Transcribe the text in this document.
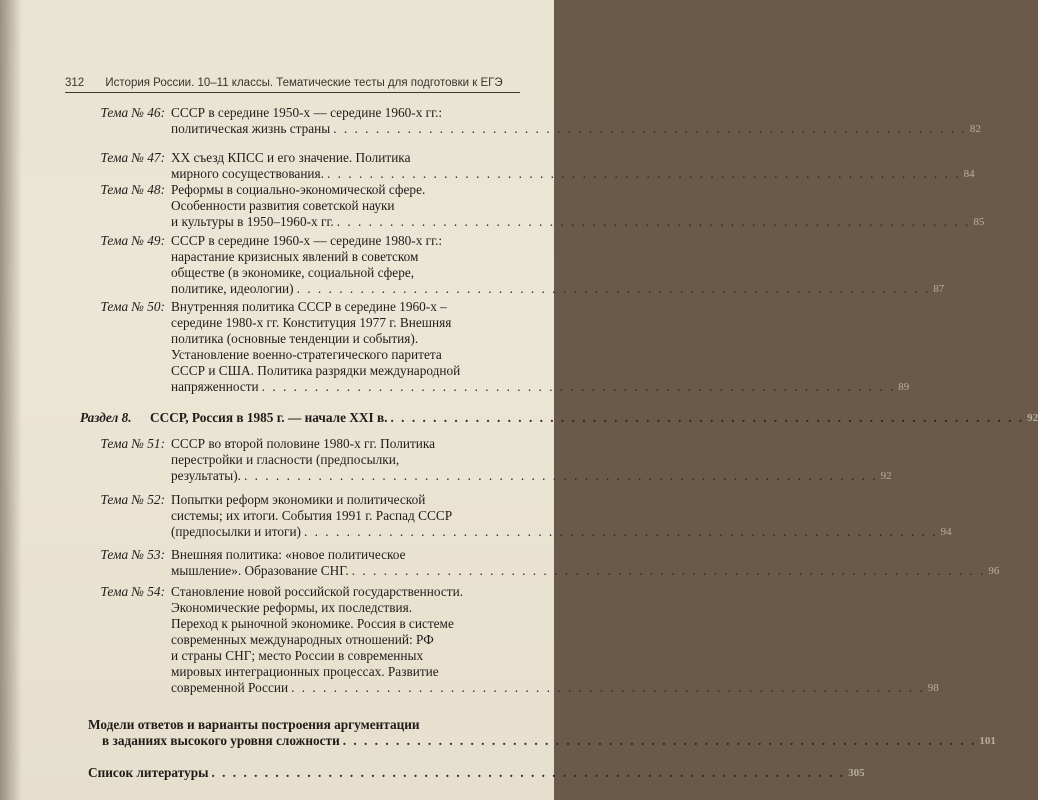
312 История России. 10–11 классы. Тематические тесты для подготовки к ЕГЭ
Тема № 46: СССР в середине 1950-х — середине 1960-х гг.:
политическая жизнь страны . . . . . . . . . . . . . . . . . . . . . . . . . . . . . . . . . . . . . . . . . . . . . . . . . . . . . . . . . . . . 82
Тема № 47: XX съезд КПСС и его значение. Политика
мирного сосуществования. . . . . . . . . . . . . . . . . . . . . . . . . . . . . . . . . . . . . . . . . . . . . . . . . . . . . . . . . . . . . 84
Тема № 48: Реформы в социально-экономической сфере.
Особенности развития советской науки
и культуры в 1950–1960-х гг. . . . . . . . . . . . . . . . . . . . . . . . . . . . . . . . . . . . . . . . . . . . . . . . . . . . . . . . . . . . . 85
Тема № 49: СССР в середине 1960-х — середине 1980-х гг.:
нарастание кризисных явлений в советском
обществе (в экономике, социальной сфере,
политике, идеологии) . . . . . . . . . . . . . . . . . . . . . . . . . . . . . . . . . . . . . . . . . . . . . . . . . . . . . . . . . . . . 87
Тема № 50: Внутренняя политика СССР в середине 1960-х –
середине 1980-х гг. Конституция 1977 г. Внешняя
политика (основные тенденции и события).
Установление военно-стратегического паритета
СССР и США. Политика разрядки международной
напряженности . . . . . . . . . . . . . . . . . . . . . . . . . . . . . . . . . . . . . . . . . . . . . . . . . . . . . . . . . . . . 89
Раздел 8. СССР, Россия в 1985 г. — начале XXI в. . . . . . . . . . . . . . . . . . . . . . . . . . . . . . . . . . . . . . . . . . . . . . . . . . . . . . . . . . . . . 92
Тема № 51: СССР во второй половине 1980-х гг. Политика
перестройки и гласности (предпосылки,
результаты). . . . . . . . . . . . . . . . . . . . . . . . . . . . . . . . . . . . . . . . . . . . . . . . . . . . . . . . . . . . . 92
Тема № 52: Попытки реформ экономики и политической
системы; их итоги. События 1991 г. Распад СССР
(предпосылки и итоги) . . . . . . . . . . . . . . . . . . . . . . . . . . . . . . . . . . . . . . . . . . . . . . . . . . . . . . . . . . . . 94
Тема № 53: Внешняя политика: «новое политическое
мышление». Образование СНГ. . . . . . . . . . . . . . . . . . . . . . . . . . . . . . . . . . . . . . . . . . . . . . . . . . . . . . . . . . . . . 96
Тема № 54: Становление новой российской государственности.
Экономические реформы, их последствия.
Переход к рыночной экономике. Россия в системе
современных международных отношений: РФ
и страны СНГ; место России в современных
мировых интеграционных процессах. Развитие
современной России . . . . . . . . . . . . . . . . . . . . . . . . . . . . . . . . . . . . . . . . . . . . . . . . . . . . . . . . . . . . 98
Модели ответов и варианты построения аргументации
в заданиях высокого уровня сложности . . . . . . . . . . . . . . . . . . . . . . . . . . . . . . . . . . . . . . . . . . . . . . . . . . . . . . . . . . . . 101
Список литературы . . . . . . . . . . . . . . . . . . . . . . . . . . . . . . . . . . . . . . . . . . . . . . . . . . . . . . . . . . . . 305
